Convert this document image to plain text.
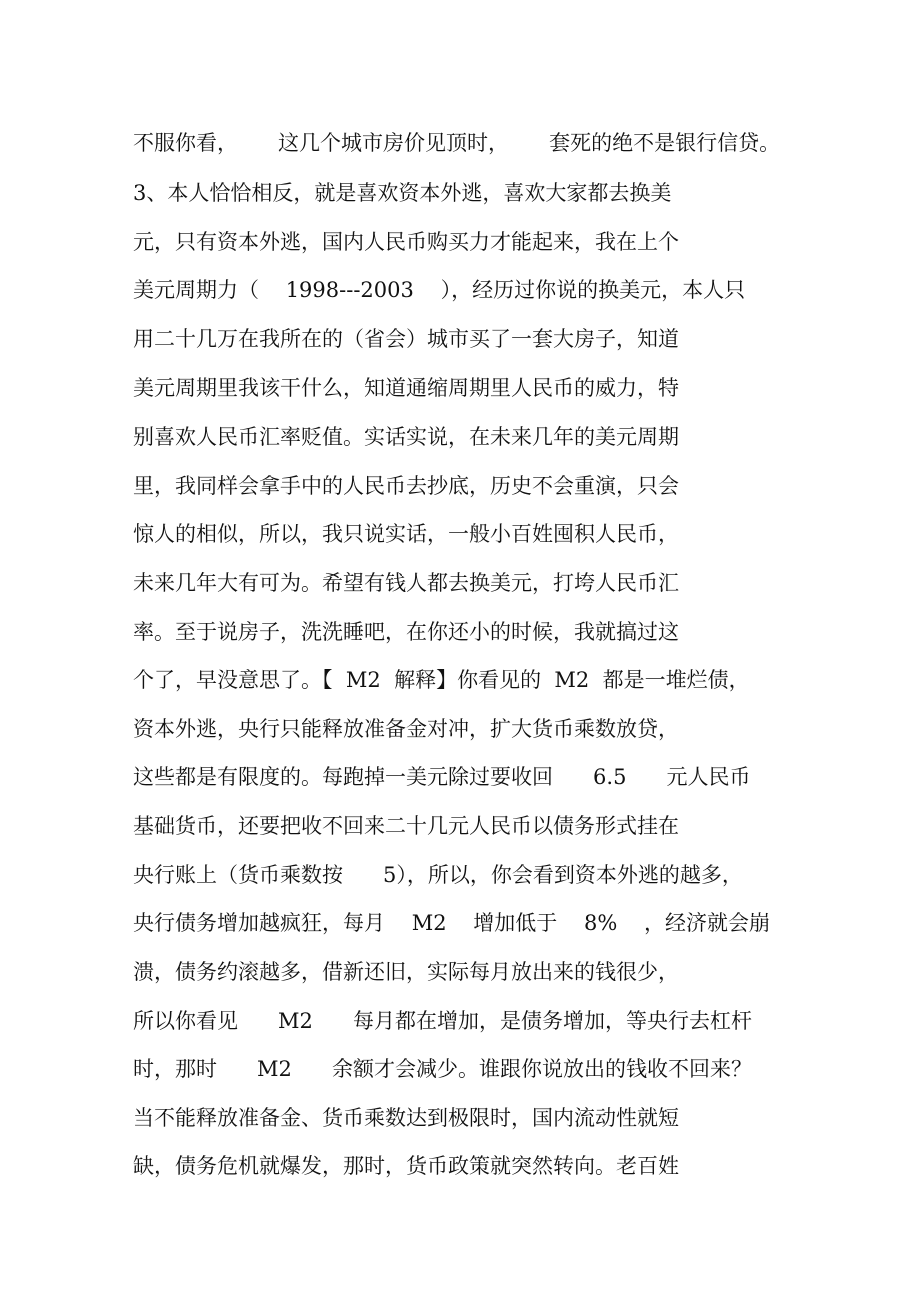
不服你看，      这几个城市房价见顶时，      套死的绝不是银行信贷。
3、本人恰恰相反，就是喜欢资本外逃，喜欢大家都去换美
元，只有资本外逃，国内人民币购买力才能起来，我在上个
美元周期力（    1998---2003    ），经历过你说的换美元，本人只
用二十几万在我所在的（省会）城市买了一套大房子，知道
美元周期里我该干什么，知道通缩周期里人民币的威力，特
别喜欢人民币汇率贬值。实话实说，在未来几年的美元周期
里，我同样会拿手中的人民币去抄底，历史不会重演，只会
惊人的相似，所以，我只说实话，一般小百姓囤积人民币，
未来几年大有可为。希望有钱人都去换美元，打垮人民币汇
率。至于说房子，洗洗睡吧，在你还小的时候，我就搞过这
个了，早没意思了。【  M2  解释】你看见的  M2  都是一堆烂债，
资本外逃，央行只能释放准备金对冲，扩大货币乘数放贷，
这些都是有限度的。每跑掉一美元除过要收回      6.5      元人民币
基础货币，还要把收不回来二十几元人民币以债务形式挂在
央行账上（货币乘数按      5），所以，你会看到资本外逃的越多，
央行债务增加越疯狂，每月    M2    增加低于    8%    ，经济就会崩
溃，债务约滚越多，借新还旧，实际每月放出来的钱很少，
所以你看见      M2      每月都在增加，是债务增加，等央行去杠杆
时，那时      M2      余额才会减少。谁跟你说放出的钱收不回来？
当不能释放准备金、货币乘数达到极限时，国内流动性就短
缺，债务危机就爆发，那时，货币政策就突然转向。老百姓
